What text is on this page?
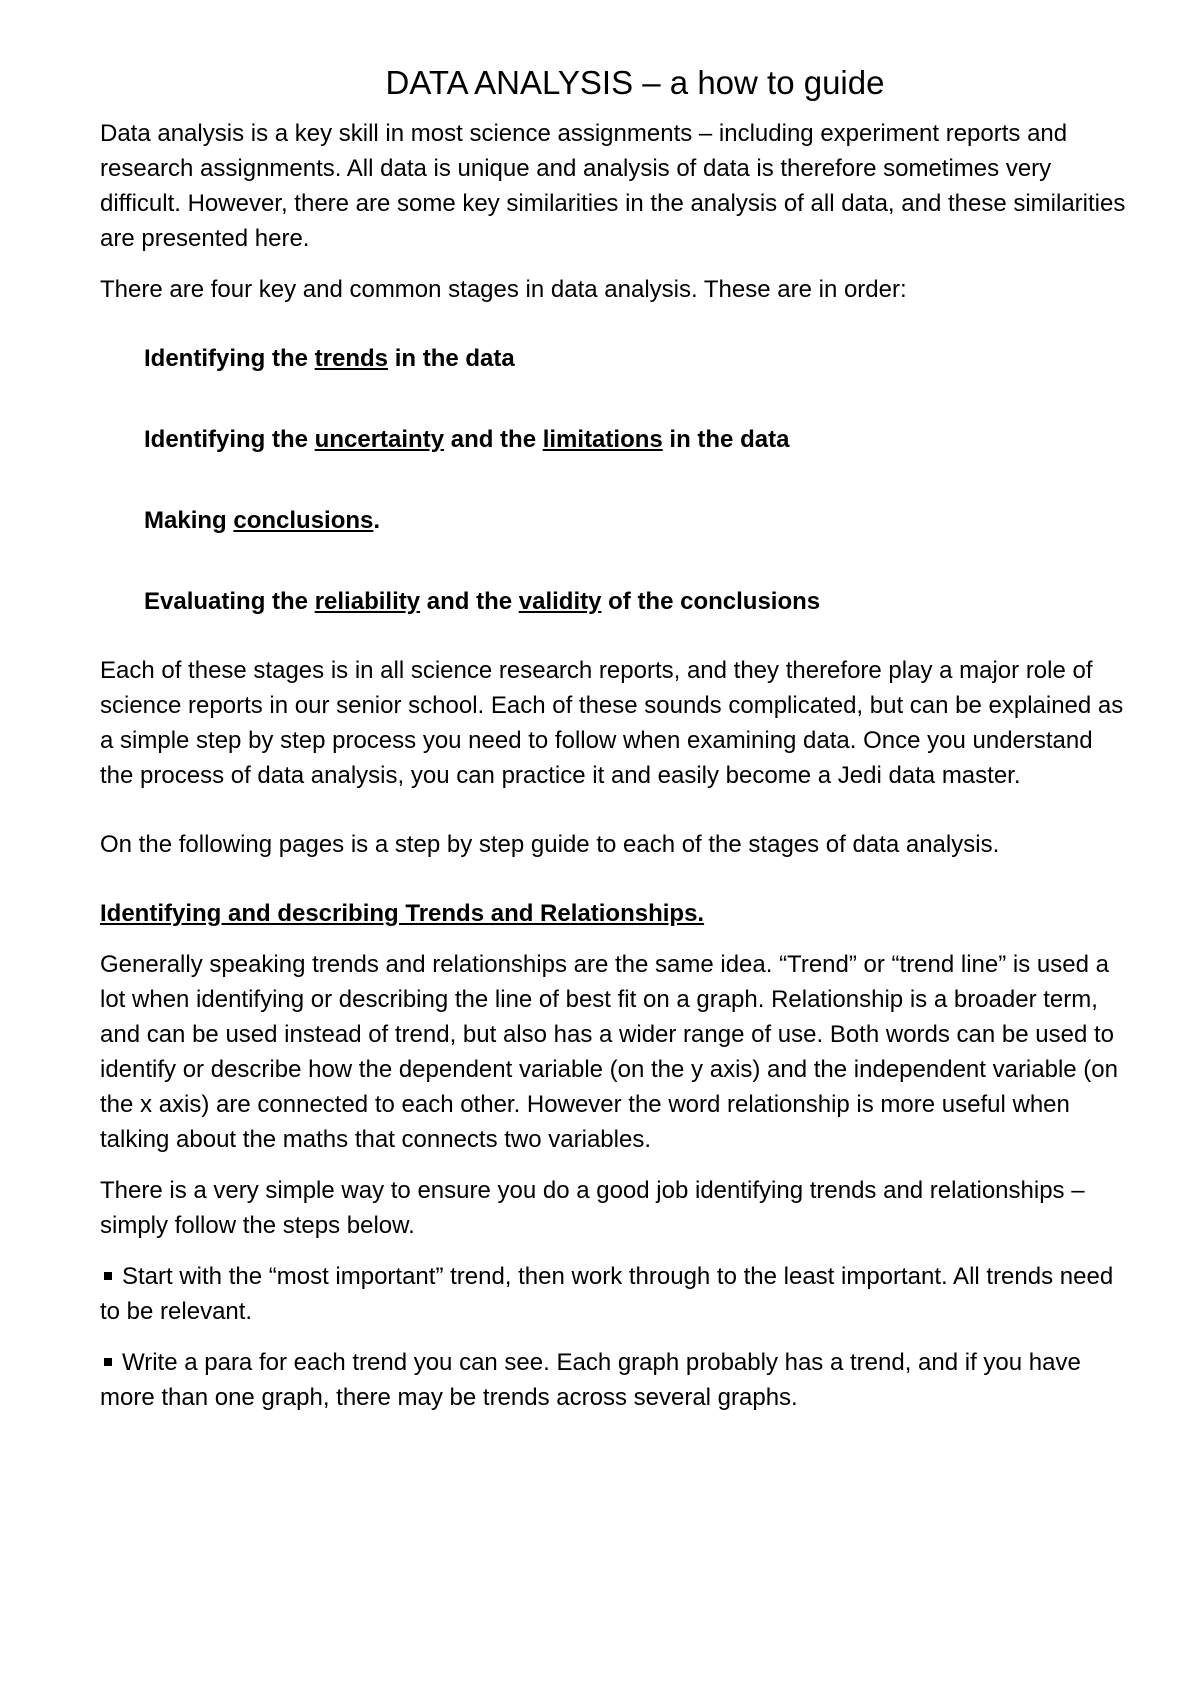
DATA ANALYSIS – a how to guide

Data analysis is a key skill in most science assignments – including experiment reports and research assignments. All data is unique and analysis of data is therefore sometimes very difficult. However, there are some key similarities in the analysis of all data, and these similarities are presented here.

There are four key and common stages in data analysis. These are in order:

Identifying the trends in the data
Identifying the uncertainty and the limitations in the data
Making conclusions.
Evaluating the reliability and the validity of the conclusions

Each of these stages is in all science research reports, and they therefore play a major role of science reports in our senior school. Each of these sounds complicated, but can be explained as a simple step by step process you need to follow when examining data. Once you understand the process of data analysis, you can practice it and easily become a Jedi data master.

On the following pages is a step by step guide to each of the stages of data analysis.

Identifying and describing Trends and Relationships.

Generally speaking trends and relationships are the same idea. “Trend” or “trend line” is used a lot when identifying or describing the line of best fit on a graph. Relationship is a broader term, and can be used instead of trend, but also has a wider range of use. Both words can be used to identify or describe how the dependent variable (on the y axis) and the independent variable (on the x axis) are connected to each other. However the word relationship is more useful when talking about the maths that connects two variables.

There is a very simple way to ensure you do a good job identifying trends and relationships – simply follow the steps below.

Start with the “most important” trend, then work through to the least important. All trends need to be relevant.
Write a para for each trend you can see. Each graph probably has a trend, and if you have more than one graph, there may be trends across several graphs.
